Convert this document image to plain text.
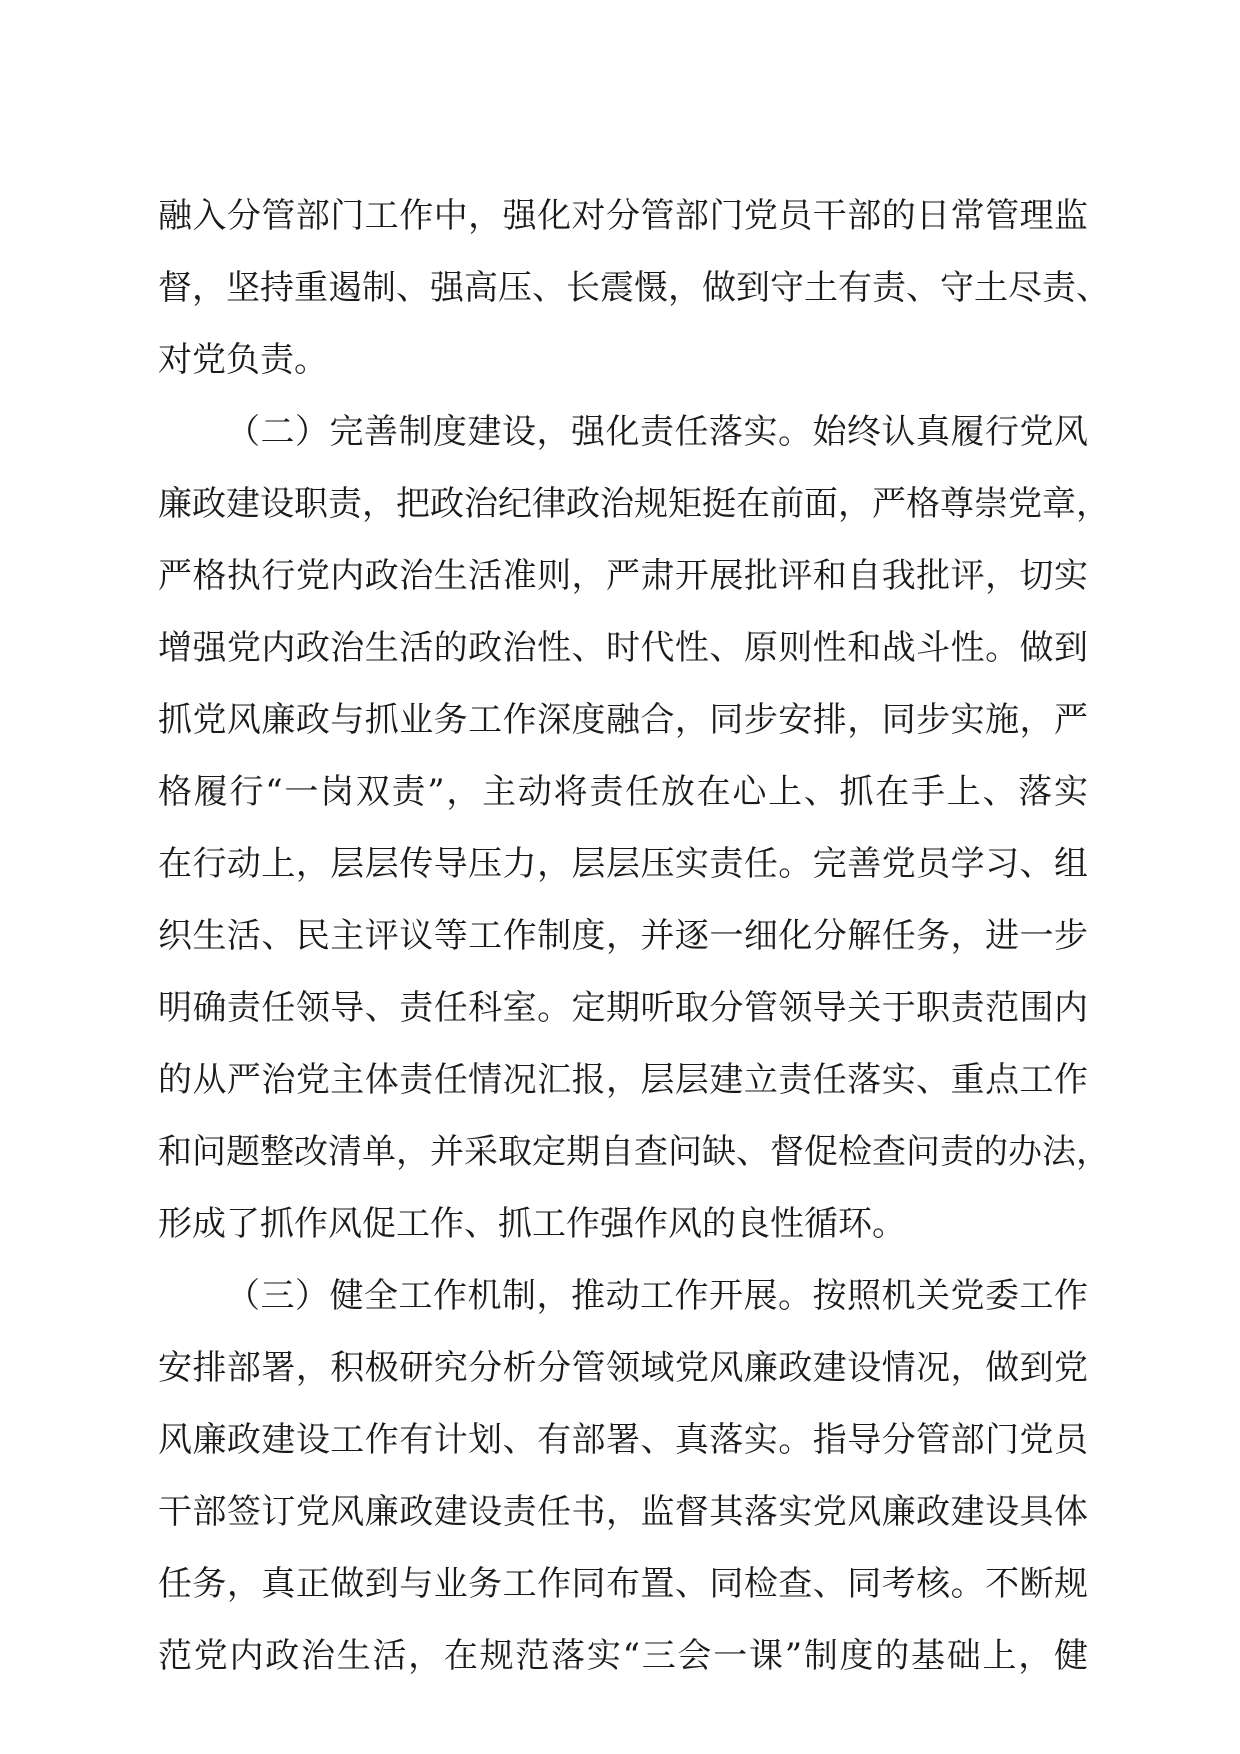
融入分管部门工作中，强化对分管部门党员干部的日常管理监
督，坚持重遏制、强高压、长震慑，做到守土有责、守土尽责、
对党负责。
（二）完善制度建设，强化责任落实。始终认真履行党风
廉政建设职责，把政治纪律政治规矩挺在前面，严格尊崇党章，
严格执行党内政治生活准则，严肃开展批评和自我批评，切实
增强党内政治生活的政治性、时代性、原则性和战斗性。做到
抓党风廉政与抓业务工作深度融合，同步安排，同步实施，严
格履行“一岗双责”，主动将责任放在心上、抓在手上、落实
在行动上，层层传导压力，层层压实责任。完善党员学习、组
织生活、民主评议等工作制度，并逐一细化分解任务，进一步
明确责任领导、责任科室。定期听取分管领导关于职责范围内
的从严治党主体责任情况汇报，层层建立责任落实、重点工作
和问题整改清单，并采取定期自查问缺、督促检查问责的办法，
形成了抓作风促工作、抓工作强作风的良性循环。
（三）健全工作机制，推动工作开展。按照机关党委工作
安排部署，积极研究分析分管领域党风廉政建设情况，做到党
风廉政建设工作有计划、有部署、真落实。指导分管部门党员
干部签订党风廉政建设责任书，监督其落实党风廉政建设具体
任务，真正做到与业务工作同布置、同检查、同考核。不断规
范党内政治生活，在规范落实“三会一课”制度的基础上，健
